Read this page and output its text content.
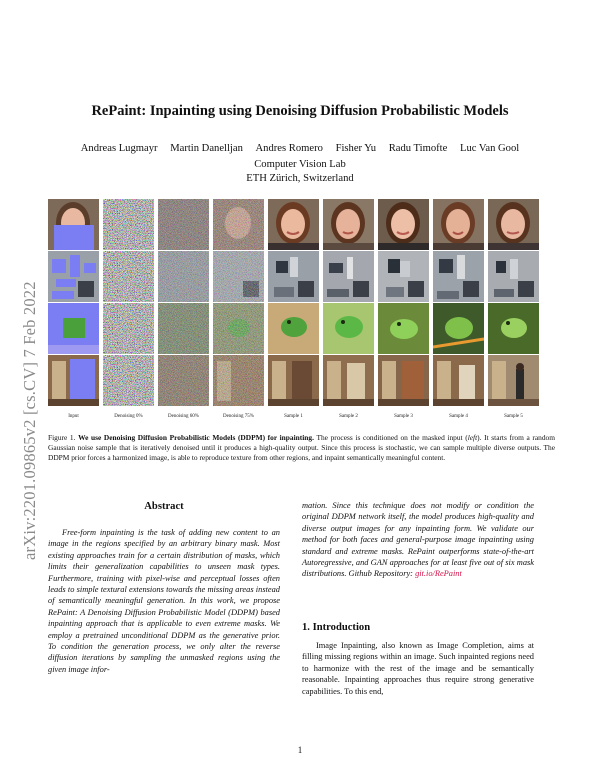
arXiv:2201.09865v2 [cs.CV] 7 Feb 2022
RePaint: Inpainting using Denoising Diffusion Probabilistic Models
Andreas Lugmayr Martin Danelljan Andres Romero Fisher Yu Radu Timofte Luc Van Gool
Computer Vision Lab
ETH Zürich, Switzerland
Input	Denoising 0%	Denoising 60%	Denoising 75%	Sample 1	Sample 2	Sample 3	Sample 4	Sample 5
Figure 1. We use Denoising Diffusion Probabilistic Models (DDPM) for inpainting. The process is conditioned on the masked input (left). It starts from a random Gaussian noise sample that is iteratively denoised until it produces a high-quality output. Since this process is stochastic, we can sample multiple diverse outputs. The DDPM prior forces a harmonized image, is able to reproduce texture from other regions, and inpaint semantically meaningful content.
Abstract

Free-form inpainting is the task of adding new content to an image in the regions specified by an arbitrary binary mask. Most existing approaches train for a certain distribution of masks, which limits their generalization capabilities to unseen mask types. Furthermore, training with pixel-wise and perceptual losses often leads to simple textural extensions towards the missing areas instead of semantically meaningful generation. In this work, we propose RePaint: A Denoising Diffusion Probabilistic Model (DDPM) based inpainting approach that is applicable to even extreme masks. We employ a pretrained unconditional DDPM as the generative prior. To condition the generation process, we only alter the reverse diffusion iterations by sampling the unmasked regions using the given image infor-

mation. Since this technique does not modify or condition the original DDPM network itself, the model produces high-quality and diverse output images for any inpainting form. We validate our method for both faces and general-purpose image inpainting using standard and extreme masks. RePaint outperforms state-of-the-art Autoregressive, and GAN approaches for at least five out of six mask distributions. Github Repository: git.io/RePaint

1. Introduction

Image Inpainting, also known as Image Completion, aims at filling missing regions within an image. Such inpainted regions need to harmonize with the rest of the image and be semantically reasonable. Inpainting approaches thus require strong generative capabilities. To this end,

1
